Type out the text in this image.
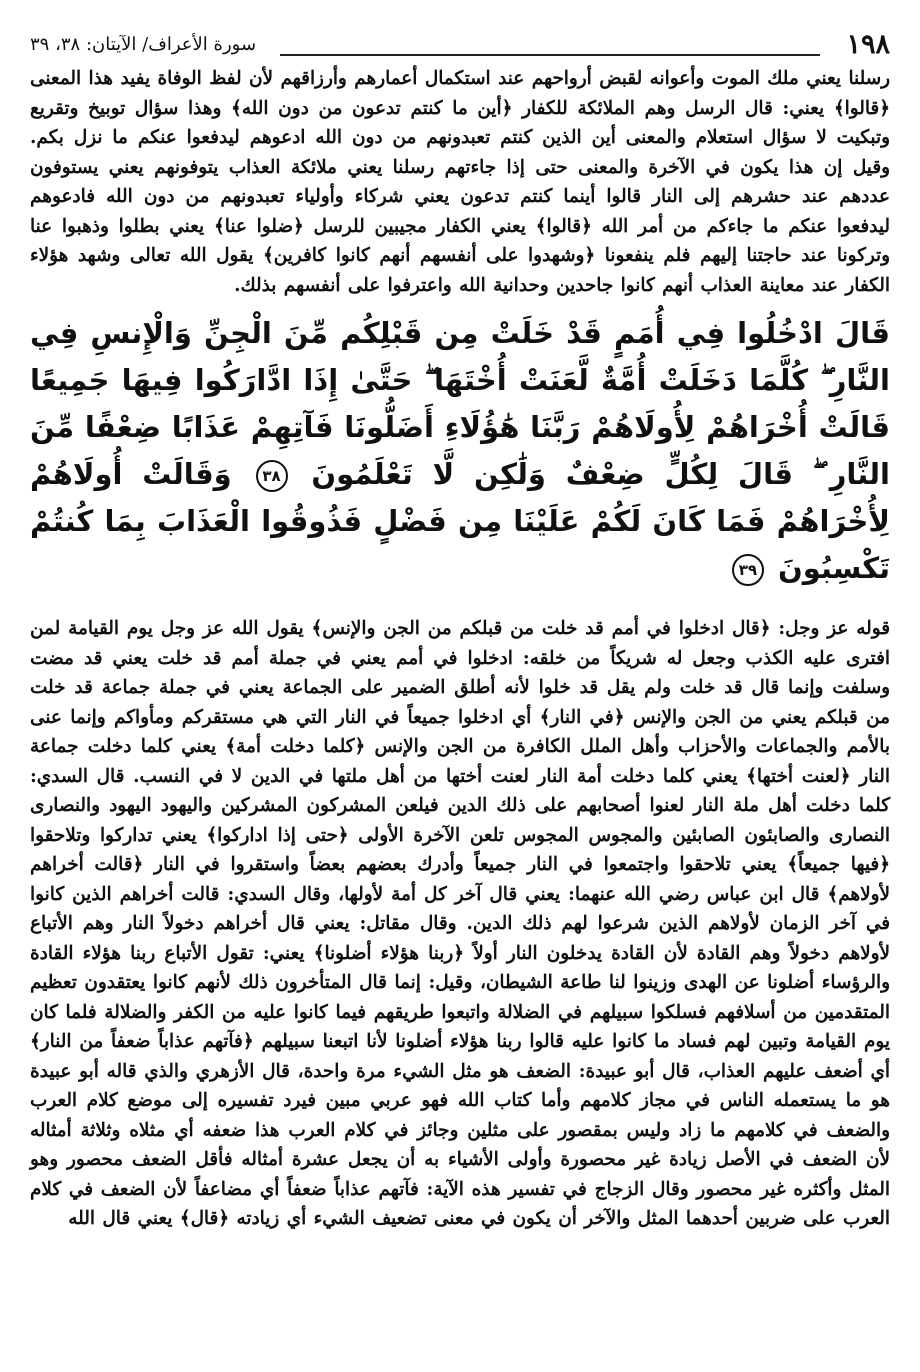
١٩٨
سورة الأعراف/ الآيتان: ٣٨، ٣٩

رسلنا يعني ملك الموت وأعوانه لقبض أرواحهم عند استكمال أعمارهم وأرزاقهم لأن لفظ الوفاة يفيد هذا المعنى ﴿قالوا﴾ يعني: قال الرسل وهم الملائكة للكفار ﴿أين ما كنتم تدعون من دون الله﴾ وهذا سؤال توبيخ وتقريع وتبكيت لا سؤال استعلام والمعنى أين الذين كنتم تعبدونهم من دون الله ادعوهم ليدفعوا عنكم ما نزل بكم. وقيل إن هذا يكون في الآخرة والمعنى حتى إذا جاءتهم رسلنا يعني ملائكة العذاب يتوفونهم يعني يستوفون عددهم عند حشرهم إلى النار قالوا أينما كنتم تدعون يعني شركاء وأولياء تعبدونهم من دون الله فادعوهم ليدفعوا عنكم ما جاءكم من أمر الله ﴿قالوا﴾ يعني الكفار مجيبين للرسل ﴿ضلوا عنا﴾ يعني بطلوا وذهبوا عنا وتركونا عند حاجتنا إليهم فلم ينفعونا ﴿وشهدوا على أنفسهم أنهم كانوا كافرين﴾ يقول الله تعالى وشهد هؤلاء الكفار عند معاينة العذاب أنهم كانوا جاحدين وحدانية الله واعترفوا على أنفسهم بذلك.

قَالَ ادْخُلُوا فِي أُمَمٍ قَدْ خَلَتْ مِن قَبْلِكُم مِّنَ الْجِنِّ وَالْإِنسِ فِي النَّارِ ۖ كُلَّمَا دَخَلَتْ أُمَّةٌ لَّعَنَتْ أُخْتَهَا ۖ حَتَّىٰ إِذَا ادَّارَكُوا فِيهَا جَمِيعًا قَالَتْ أُخْرَاهُمْ لِأُولَاهُمْ رَبَّنَا هَٰؤُلَاءِ أَضَلُّونَا فَآتِهِمْ عَذَابًا ضِعْفًا مِّنَ النَّارِ ۖ قَالَ لِكُلٍّ ضِعْفٌ وَلَٰكِن لَّا تَعْلَمُونَ ٣٨ وَقَالَتْ أُولَاهُمْ لِأُخْرَاهُمْ فَمَا كَانَ لَكُمْ عَلَيْنَا مِن فَضْلٍ فَذُوقُوا الْعَذَابَ بِمَا كُنتُمْ تَكْسِبُونَ ٣٩

قوله عز وجل: ﴿قال ادخلوا في أمم قد خلت من قبلكم من الجن والإنس﴾ يقول الله عز وجل يوم القيامة لمن افترى عليه الكذب وجعل له شريكاً من خلقه: ادخلوا في أمم يعني في جملة أمم قد خلت يعني قد مضت وسلفت وإنما قال قد خلت ولم يقل قد خلوا لأنه أطلق الضمير على الجماعة يعني في جملة جماعة قد خلت من قبلكم يعني من الجن والإنس ﴿في النار﴾ أي ادخلوا جميعاً في النار التي هي مستقركم ومأواكم وإنما عنى بالأمم والجماعات والأحزاب وأهل الملل الكافرة من الجن والإنس ﴿كلما دخلت أمة﴾ يعني كلما دخلت جماعة النار ﴿لعنت أختها﴾ يعني كلما دخلت أمة النار لعنت أختها من أهل ملتها في الدين لا في النسب. قال السدي: كلما دخلت أهل ملة النار لعنوا أصحابهم على ذلك الدين فيلعن المشركون المشركين واليهود اليهود والنصارى النصارى والصابئون الصابئين والمجوس المجوس تلعن الآخرة الأولى ﴿حتى إذا اداركوا﴾ يعني تداركوا وتلاحقوا ﴿فيها جميعاً﴾ يعني تلاحقوا واجتمعوا في النار جميعاً وأدرك بعضهم بعضاً واستقروا في النار ﴿قالت أخراهم لأولاهم﴾ قال ابن عباس رضي الله عنهما: يعني قال آخر كل أمة لأولها، وقال السدي: قالت أخراهم الذين كانوا في آخر الزمان لأولاهم الذين شرعوا لهم ذلك الدين. وقال مقاتل: يعني قال أخراهم دخولاً النار وهم الأتباع لأولاهم دخولاً وهم القادة لأن القادة يدخلون النار أولاً ﴿ربنا هؤلاء أضلونا﴾ يعني: تقول الأتباع ربنا هؤلاء القادة والرؤساء أضلونا عن الهدى وزينوا لنا طاعة الشيطان، وقيل: إنما قال المتأخرون ذلك لأنهم كانوا يعتقدون تعظيم المتقدمين من أسلافهم فسلكوا سبيلهم في الضلالة واتبعوا طريقهم فيما كانوا عليه من الكفر والضلالة فلما كان يوم القيامة وتبين لهم فساد ما كانوا عليه قالوا ربنا هؤلاء أضلونا لأنا اتبعنا سبيلهم ﴿فآتهم عذاباً ضعفاً من النار﴾ أي أضعف عليهم العذاب، قال أبو عبيدة: الضعف هو مثل الشيء مرة واحدة، قال الأزهري والذي قاله أبو عبيدة هو ما يستعمله الناس في مجاز كلامهم وأما كتاب الله فهو عربي مبين فيرد تفسيره إلى موضع كلام العرب والضعف في كلامهم ما زاد وليس بمقصور على مثلين وجائز في كلام العرب هذا ضعفه أي مثلاه وثلاثة أمثاله لأن الضعف في الأصل زيادة غير محصورة وأولى الأشياء به أن يجعل عشرة أمثاله فأقل الضعف محصور وهو المثل وأكثره غير محصور وقال الزجاج في تفسير هذه الآية: فآتهم عذاباً ضعفاً أي مضاعفاً لأن الضعف في كلام العرب على ضربين أحدهما المثل والآخر أن يكون في معنى تضعيف الشيء أي زيادته ﴿قال﴾ يعني قال الله
